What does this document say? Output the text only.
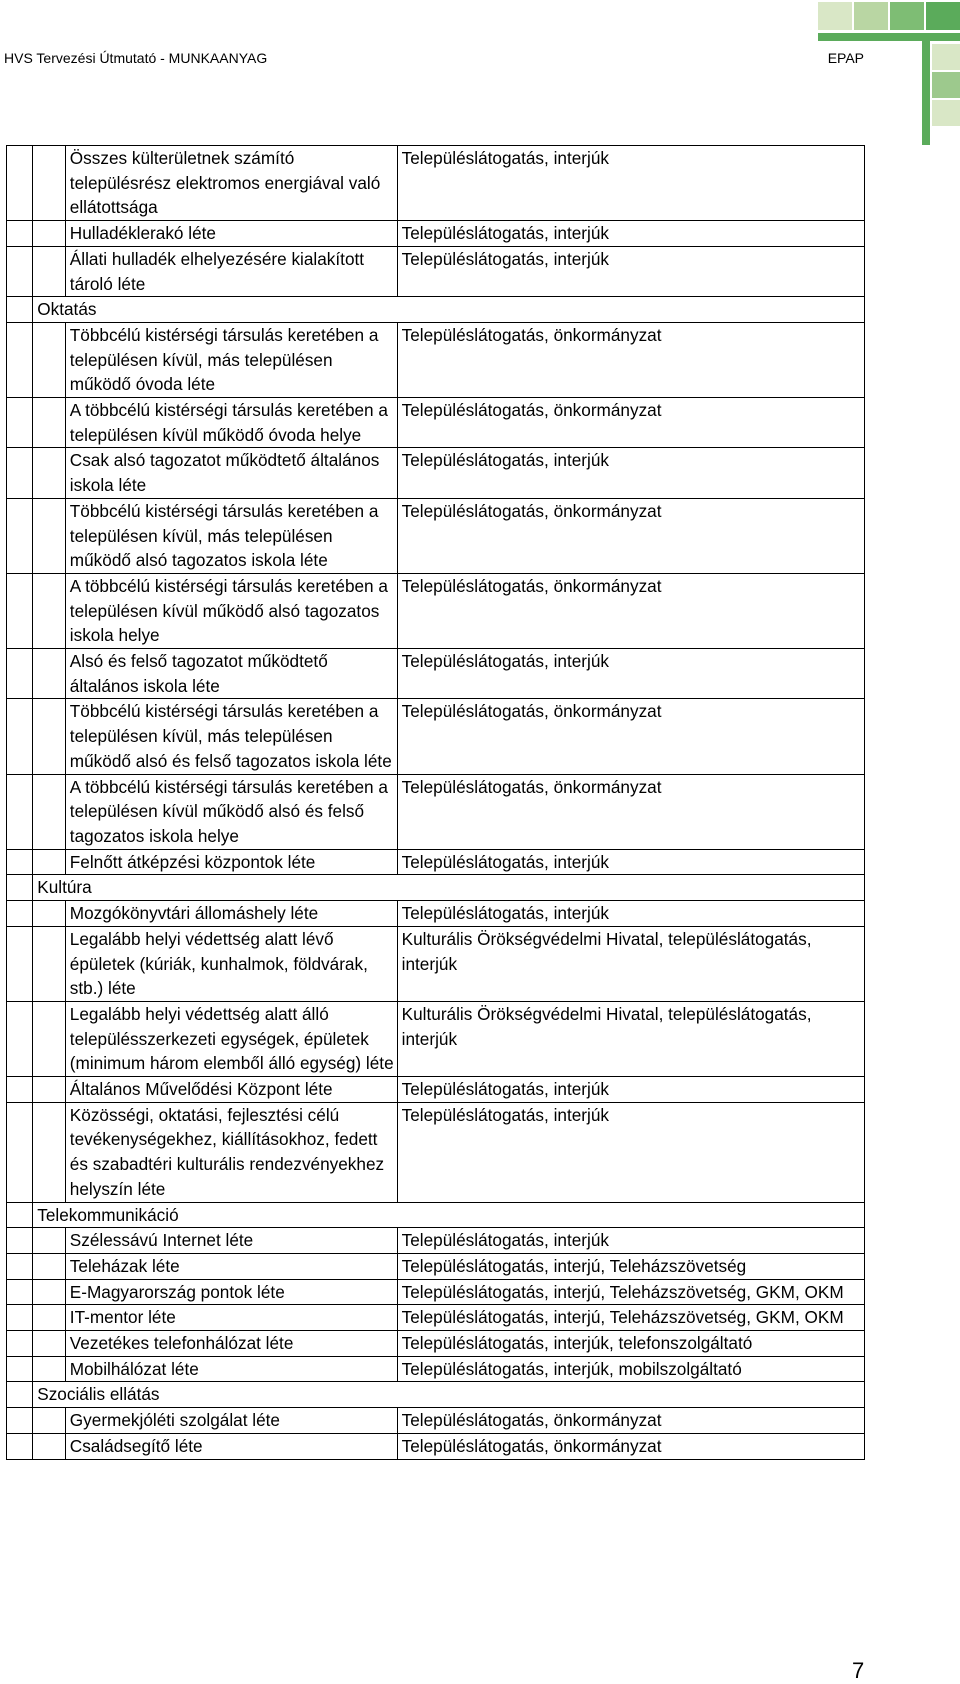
HVS Tervezési Útmutató - MUNKAANYAG	EPAP
		Összes külterületnek számító településrész elektromos energiával való ellátottsága	Településlátogatás, interjúk
		Hulladéklerakó léte	Településlátogatás, interjúk
		Állati hulladék elhelyezésére kialakított tároló léte	Településlátogatás, interjúk
	Oktatás		
		Többcélú kistérségi társulás keretében a településen kívül, más településen működő óvoda léte	Településlátogatás, önkormányzat
		A többcélú kistérségi társulás keretében a településen kívül működő óvoda helye	Településlátogatás, önkormányzat
		Csak alsó tagozatot működtető általános iskola léte	Településlátogatás, interjúk
		Többcélú kistérségi társulás keretében a településen kívül, más településen működő alsó tagozatos iskola léte	Településlátogatás, önkormányzat
		A többcélú kistérségi társulás keretében a településen kívül működő alsó tagozatos iskola helye	Településlátogatás, önkormányzat
		Alsó és felső tagozatot működtető általános iskola léte	Településlátogatás, interjúk
		Többcélú kistérségi társulás keretében a településen kívül, más településen működő alsó és felső tagozatos iskola léte	Településlátogatás, önkormányzat
		A többcélú kistérségi társulás keretében a településen kívül működő alsó és felső tagozatos iskola helye	Településlátogatás, önkormányzat
		Felnőtt átképzési központok léte	Településlátogatás, interjúk
	Kultúra		
		Mozgókönyvtári állomáshely léte	Településlátogatás, interjúk
		Legalább helyi védettség alatt lévő épületek (kúriák, kunhalmok, földvárak, stb.) léte	Kulturális Örökségvédelmi Hivatal, településlátogatás, interjúk
		Legalább helyi védettség alatt álló településszerkezeti egységek, épületek (minimum három elemből álló egység) léte	Kulturális Örökségvédelmi Hivatal, településlátogatás, interjúk
		Általános Művelődési Központ léte	Településlátogatás, interjúk
		Közösségi, oktatási, fejlesztési célú tevékenységekhez, kiállításokhoz, fedett és szabadtéri kulturális rendezvényekhez helyszín léte	Településlátogatás, interjúk
	Telekommunikáció		
		Szélessávú Internet léte	Településlátogatás, interjúk
		Teleházak léte	Településlátogatás, interjú, Teleházszövetség
		E-Magyarország pontok léte	Településlátogatás, interjú, Teleházszövetség, GKM, OKM
		IT-mentor léte	Településlátogatás, interjú, Teleházszövetség, GKM, OKM
		Vezetékes telefonhálózat léte	Településlátogatás, interjúk, telefonszolgáltató
		Mobilhálózat léte	Településlátogatás, interjúk, mobilszolgáltató
	Szociális ellátás		
		Gyermekjóléti szolgálat léte	Településlátogatás, önkormányzat
		Családsegítő léte	Településlátogatás, önkormányzat
7
